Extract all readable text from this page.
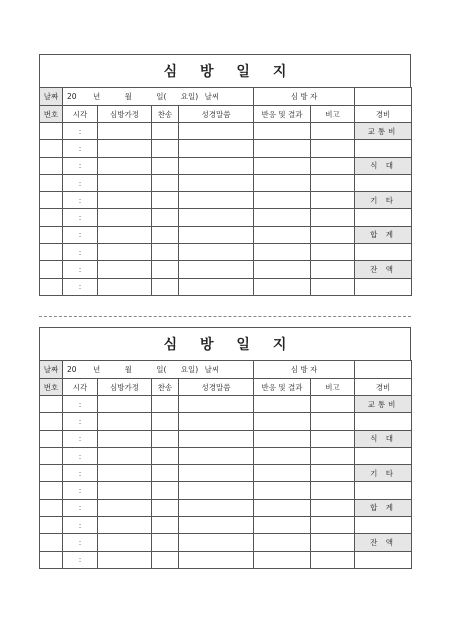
심 방 일 지
날짜	20 년 월 일( 요일) 날씨				심 방 자		
번호	시각	심방가정	찬송	성경말씀	반응 및 결과	비고	경비
	:						교통비
	:						
	:						식 대
	:						
	:						기 타
	:						
	:						합 계
	:						
	:						잔 액
	:						
심 방 일 지
날짜	20 년 월 일( 요일) 날씨				심 방 자		
번호	시각	심방가정	찬송	성경말씀	반응 및 결과	비고	경비
	:						교통비
	:						
	:						식 대
	:						
	:						기 타
	:						
	:						합 계
	:						
	:						잔 액
	:						
